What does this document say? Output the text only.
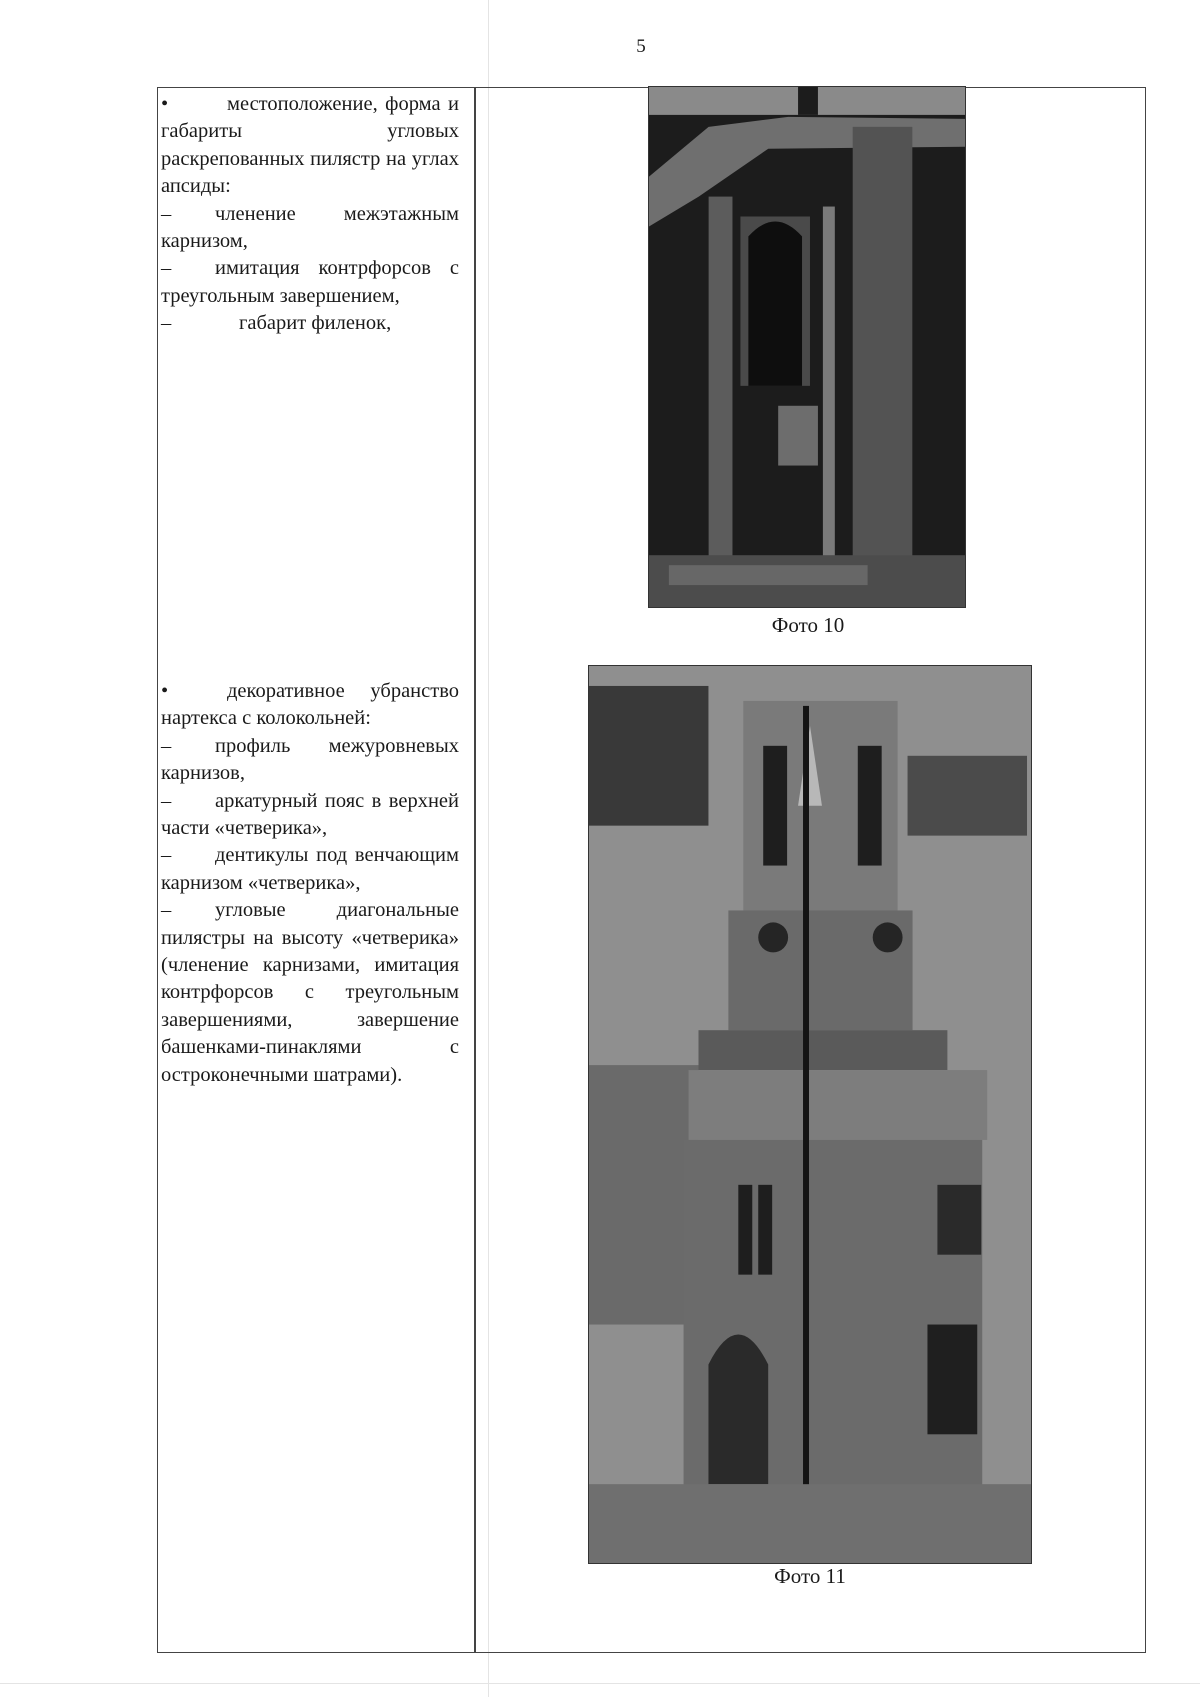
5

•	местоположение, форма и габариты угловых раскрепованных пилястр на углах апсиды:

– членение межэтажным карнизом,

– имитация контрфорсов с треугольным завершением,

–	габарит филенок,

•	декоративное убранство нартекса с колокольней:

– профиль межуровневых карнизов,

– аркатурный пояс в верхней части «четверика»,

– дентикулы под венчающим карнизом «четверика»,

– угловые диагональные пилястры на высоту «четверика» (членение карнизами, имитация контрфорсов с треугольным завершениями, завершение башенками-пинаклями с остроконечными шатрами).

Фото 10
Фото 11
